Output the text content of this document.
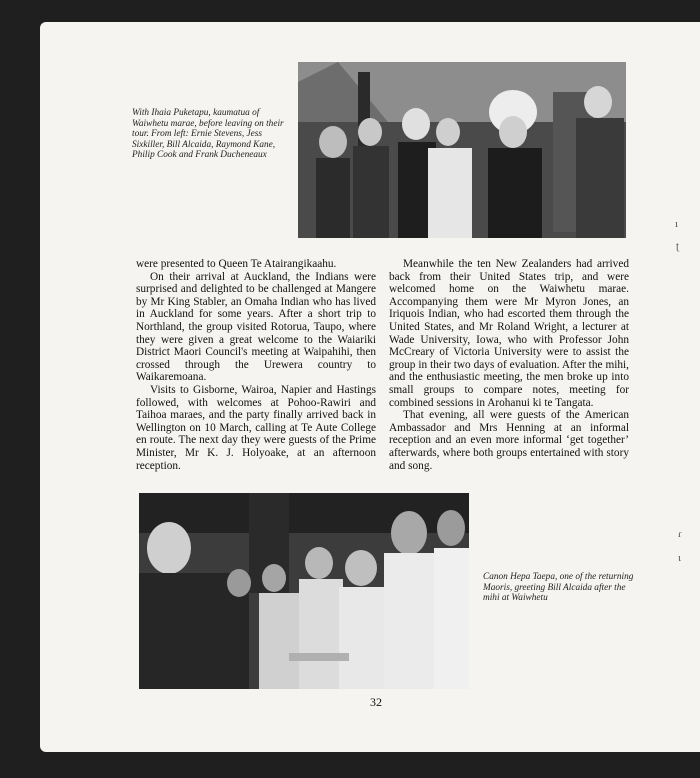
With Ihaia Puketapu, kaumatua of Waiwhetu marae, before leaving on their tour. From left: Ernie Stevens, Jess Sixkiller, Bill Alcaida, Raymond Kane, Philip Cook and Frank Ducheneaux

were presented to Queen Te Atairangikaahu.

On their arrival at Auckland, the Indians were surprised and delighted to be challenged at Mangere by Mr King Stabler, an Omaha Indian who has lived in Auckland for some years. After a short trip to Northland, the group visited Rotorua, Taupo, where they were given a great welcome to the Waiariki District Maori Council's meeting at Waipahihi, then crossed through the Urewera country to Waikaremoana.

Visits to Gisborne, Wairoa, Napier and Hastings followed, with welcomes at Pohoo-Rawiri and Taihoa maraes, and the party finally arrived back in Wellington on 10 March, calling at Te Aute College en route. The next day they were guests of the Prime Minister, Mr K. J. Holyoake, at an afternoon reception.

Meanwhile the ten New Zealanders had arrived back from their United States trip, and were welcomed home on the Waiwhetu marae. Accompanying them were Mr Myron Jones, an Iriquois Indian, who had escorted them through the United States, and Mr Roland Wright, a lecturer at Wade University, Iowa, who with Professor John McCreary of Victoria University were to assist the group in their two days of evaluation. After the mihi, and the enthusiastic meeting, the men broke up into small groups to compare notes, meeting for combined sessions in Arohanui ki te Tangata.

That evening, all were guests of the American Ambassador and Mrs Henning at an informal reception and an even more informal ‘get together’ afterwards, where both groups entertained with story and song.

Canon Hepa Taepa, one of the returning Maoris, greeting Bill Alcaida after the mihi at Waiwhetu

32
ı
ʈ
ɾ
ɩ
